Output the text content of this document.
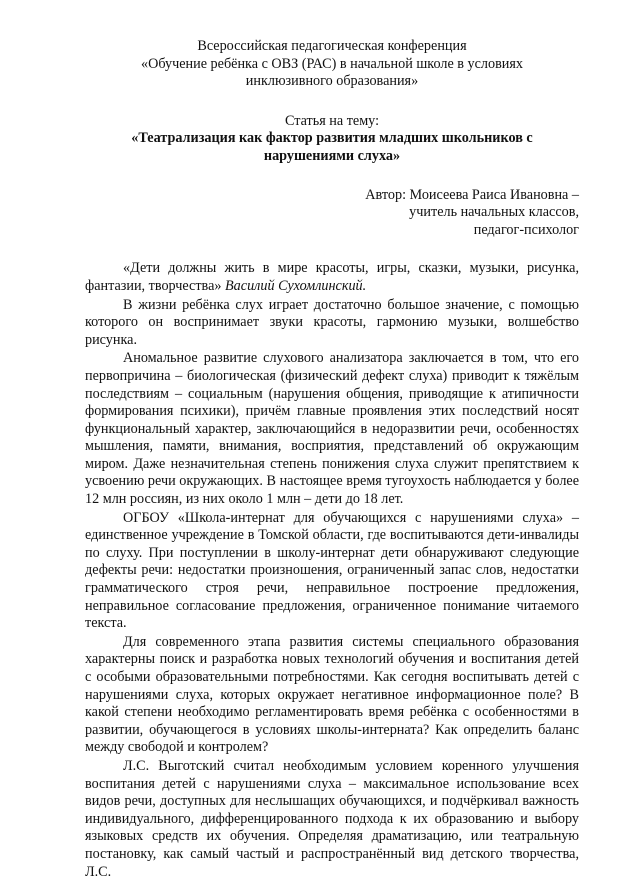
Всероссийская педагогическая конференция
«Обучение ребёнка с ОВЗ (РАС) в начальной школе в условиях
инклюзивного образования»
Статья на тему:
«Театрализация как фактор развития младших школьников с нарушениями слуха»
Автор: Моисеева Раиса Ивановна –
учитель начальных классов,
педагог-психолог

«Дети должны жить в мире красоты, игры, сказки, музыки, рисунка, фантазии, творчества» Василий Сухомлинский.

В жизни ребёнка слух играет достаточно большое значение, с помощью которого он воспринимает звуки красоты, гармонию музыки, волшебство рисунка.

Аномальное развитие слухового анализатора заключается в том, что его первопричина – биологическая (физический дефект слуха) приводит к тяжёлым последствиям – социальным (нарушения общения, приводящие к атипичности формирования психики), причём главные проявления этих последствий носят функциональный характер, заключающийся в недоразвитии речи, особенностях мышления, памяти, внимания, восприятия, представлений об окружающим миром. Даже незначительная степень понижения слуха служит препятствием к усвоению речи окружающих. В настоящее время тугоухость наблюдается у более 12 млн россиян, из них около 1 млн – дети до 18 лет.

ОГБОУ «Школа-интернат для обучающихся с нарушениями слуха» – единственное учреждение в Томской области, где воспитываются дети-инвалиды по слуху. При поступлении в школу-интернат дети обнаруживают следующие дефекты речи: недостатки произношения, ограниченный запас слов, недостатки грамматического строя речи, неправильное построение предложения, неправильное согласование предложения, ограниченное понимание читаемого текста.

Для современного этапа развития системы специального образования характерны поиск и разработка новых технологий обучения и воспитания детей с особыми образовательными потребностями. Как сегодня воспитывать детей с нарушениями слуха, которых окружает негативное информационное поле? В какой степени необходимо регламентировать время ребёнка с особенностями в развитии, обучающегося в условиях школы-интерната? Как определить баланс между свободой и контролем?

Л.С. Выготский считал необходимым условием коренного улучшения воспитания детей с нарушениями слуха – максимальное использование всех видов речи, доступных для неслышащих обучающихся, и подчёркивал важность индивидуального, дифференцированного подхода к их образованию и выбору языковых средств их обучения. Определяя драматизацию, или театральную постановку, как самый частый и распространённый вид детского творчества, Л.С.
